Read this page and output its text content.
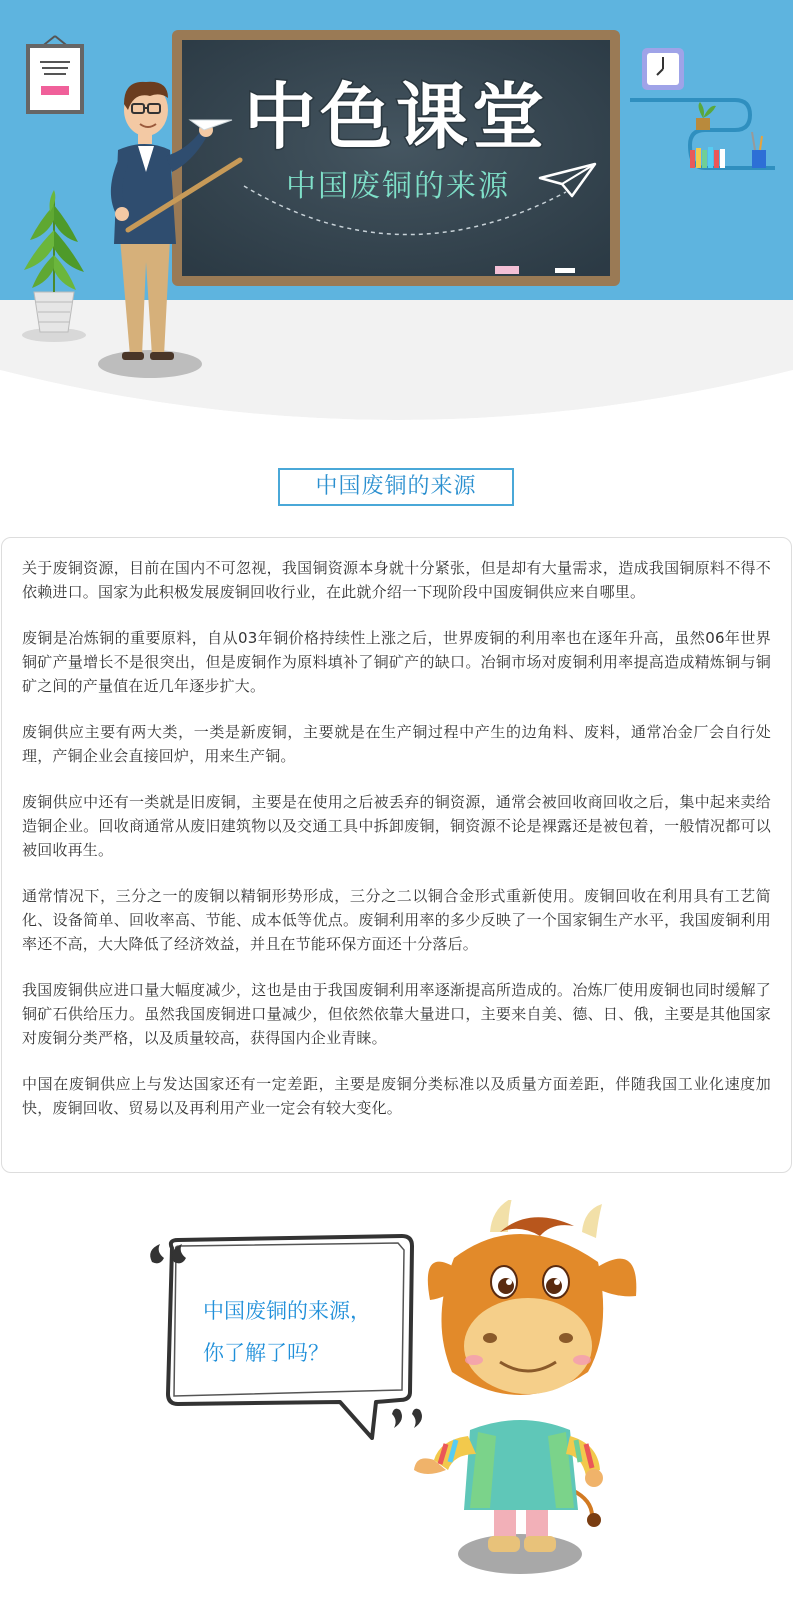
中色课堂
中国废铜的来源
中国废铜的来源

关于废铜资源，目前在国内不可忽视，我国铜资源本身就十分紧张，但是却有大量需求，造成我国铜原料不得不依赖进口。国家为此积极发展废铜回收行业，在此就介绍一下现阶段中国废铜供应来自哪里。

废铜是冶炼铜的重要原料，自从03年铜价格持续性上涨之后，世界废铜的利用率也在逐年升高，虽然06年世界铜矿产量增长不是很突出，但是废铜作为原料填补了铜矿产的缺口。冶铜市场对废铜利用率提高造成精炼铜与铜矿之间的产量值在近几年逐步扩大。

废铜供应主要有两大类，一类是新废铜，主要就是在生产铜过程中产生的边角料、废料，通常冶金厂会自行处理，产铜企业会直接回炉，用来生产铜。

废铜供应中还有一类就是旧废铜，主要是在使用之后被丢弃的铜资源，通常会被回收商回收之后，集中起来卖给造铜企业。回收商通常从废旧建筑物以及交通工具中拆卸废铜，铜资源不论是裸露还是被包着，一般情况都可以被回收再生。

通常情况下，三分之一的废铜以精铜形势形成，三分之二以铜合金形式重新使用。废铜回收在利用具有工艺简化、设备简单、回收率高、节能、成本低等优点。废铜利用率的多少反映了一个国家铜生产水平，我国废铜利用率还不高，大大降低了经济效益，并且在节能环保方面还十分落后。

我国废铜供应进口量大幅度减少，这也是由于我国废铜利用率逐渐提高所造成的。冶炼厂使用废铜也同时缓解了铜矿石供给压力。虽然我国废铜进口量减少，但依然依靠大量进口，主要来自美、德、日、俄，主要是其他国家对废铜分类严格，以及质量较高，获得国内企业青睐。

中国在废铜供应上与发达国家还有一定差距，主要是废铜分类标准以及质量方面差距，伴随我国工业化速度加快，废铜回收、贸易以及再利用产业一定会有较大变化。

中国废铜的来源，
你了解了吗？
